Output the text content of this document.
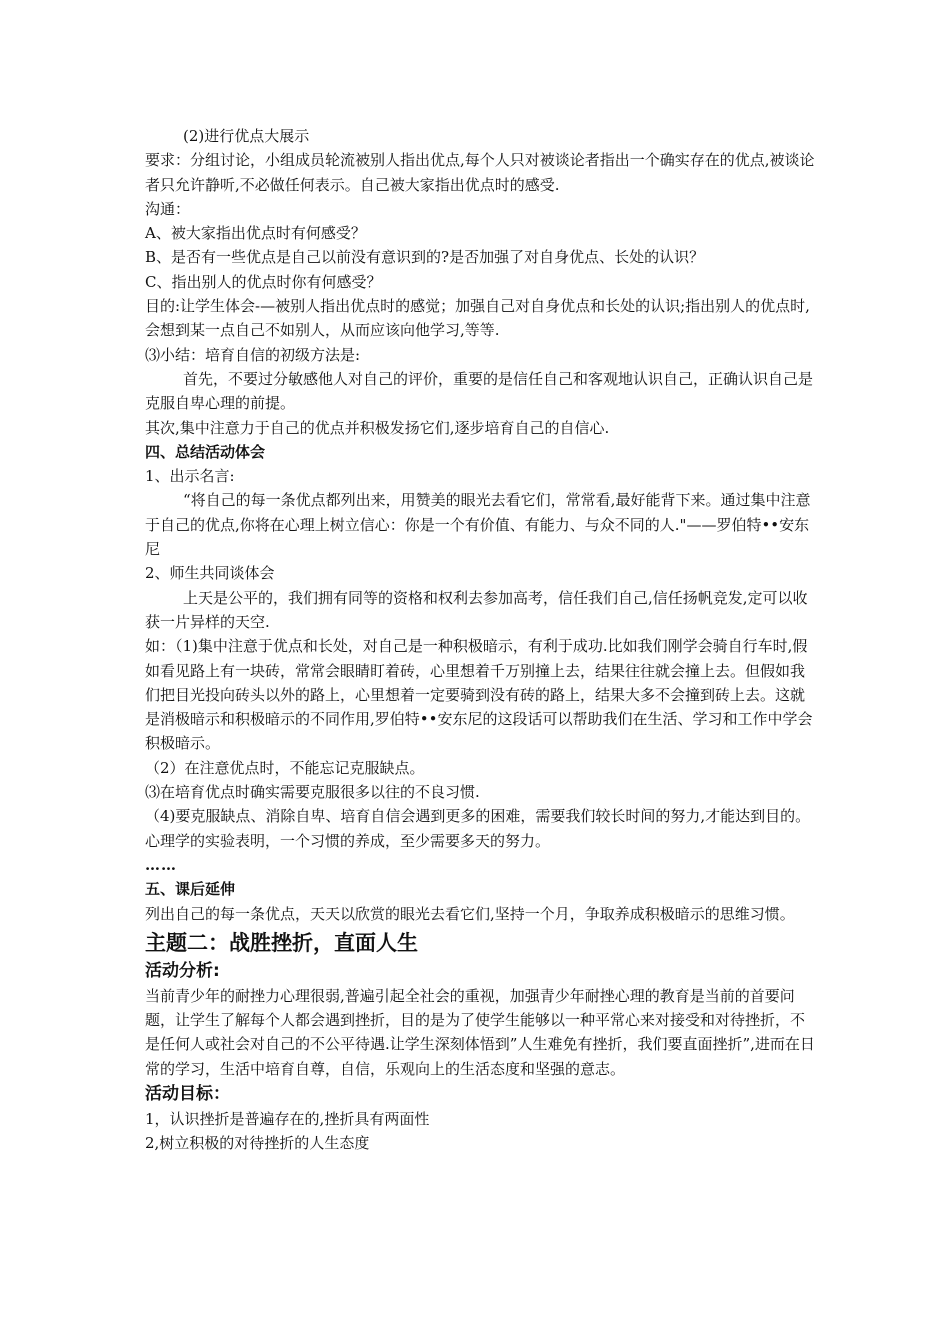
(2)进行优点大展示

要求：分组讨论，小组成员轮流被别人指出优点,每个人只对被谈论者指出一个确实存在的优点,被谈论者只允许静听,不必做任何表示。自己被大家指出优点时的感受.

沟通：

A、被大家指出优点时有何感受？

B、是否有一些优点是自己以前没有意识到的?是否加强了对自身优点、长处的认识？

C、指出别人的优点时你有何感受？

目的:让学生体会-—被别人指出优点时的感觉；加强自己对自身优点和长处的认识;指出别人的优点时,会想到某一点自己不如别人，从而应该向他学习,等等.

⑶小结：培育自信的初级方法是:

首先，不要过分敏感他人对自己的评价，重要的是信任自己和客观地认识自己，正确认识自己是克服自卑心理的前提。

其次,集中注意力于自己的优点并积极发扬它们,逐步培育自己的自信心.

四、总结活动体会

1、出示名言:

“将自己的每一条优点都列出来，用赞美的眼光去看它们，常常看,最好能背下来。通过集中注意于自己的优点,你将在心理上树立信心：你是一个有价值、有能力、与众不同的人."——罗伯特••安东尼

2、师生共同谈体会

上天是公平的，我们拥有同等的资格和权利去参加高考，信任我们自己,信任扬帆竞发,定可以收获一片异样的天空.

如：（1)集中注意于优点和长处，对自己是一种积极暗示，有利于成功.比如我们刚学会骑自行车时,假如看见路上有一块砖，常常会眼睛盯着砖，心里想着千万别撞上去，结果往往就会撞上去。但假如我们把目光投向砖头以外的路上，心里想着一定要骑到没有砖的路上，结果大多不会撞到砖上去。这就是消极暗示和积极暗示的不同作用,罗伯特••安东尼的这段话可以帮助我们在生活、学习和工作中学会积极暗示。

（2）在注意优点时，不能忘记克服缺点。

⑶在培育优点时确实需要克服很多以往的不良习惯.

（4)要克服缺点、消除自卑、培育自信会遇到更多的困难，需要我们较长时间的努力,才能达到目的。心理学的实验表明，一个习惯的养成，至少需要多天的努力。

……

五、课后延伸

列出自己的每一条优点，天天以欣赏的眼光去看它们,坚持一个月，争取养成积极暗示的思维习惯。

主题二：战胜挫折，直面人生

活动分析:

当前青少年的耐挫力心理很弱,普遍引起全社会的重视，加强青少年耐挫心理的教育是当前的首要问题，让学生了解每个人都会遇到挫折，目的是为了使学生能够以一种平常心来对接受和对待挫折，不是任何人或社会对自己的不公平待遇.让学生深刻体悟到”人生难免有挫折，我们要直面挫折”,进而在日常的学习，生活中培育自尊，自信，乐观向上的生活态度和坚强的意志。

活动目标：

1，认识挫折是普遍存在的,挫折具有两面性

2,树立积极的对待挫折的人生态度
